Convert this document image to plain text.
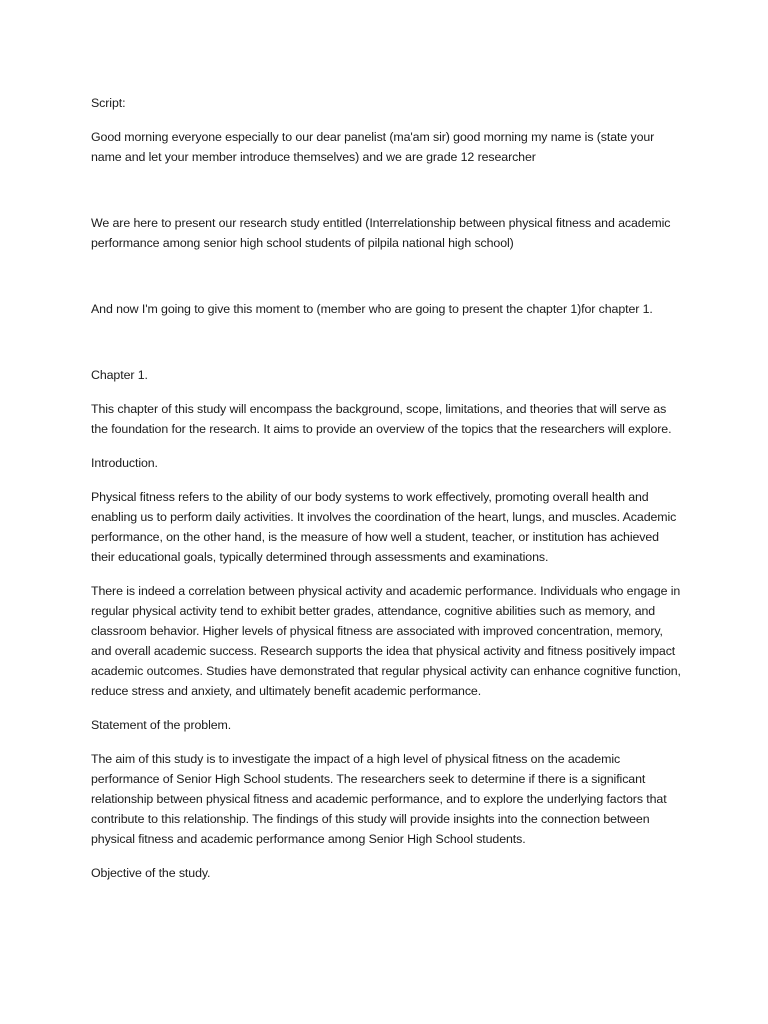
Script:

Good morning everyone especially to our dear panelist (ma'am sir) good morning my name is (state your name and let your member introduce themselves) and we are grade 12 researcher

We are here to present our research study entitled (Interrelationship between physical fitness and academic performance among senior high school students of pilpila national high school)

And now I'm going to give this moment to (member who are going to present the chapter 1)for chapter 1.

Chapter 1.

This chapter of this study will encompass the background, scope, limitations, and theories that will serve as the foundation for the research. It aims to provide an overview of the topics that the researchers will explore.

Introduction.

Physical fitness refers to the ability of our body systems to work effectively, promoting overall health and enabling us to perform daily activities. It involves the coordination of the heart, lungs, and muscles. Academic performance, on the other hand, is the measure of how well a student, teacher, or institution has achieved their educational goals, typically determined through assessments and examinations.

There is indeed a correlation between physical activity and academic performance. Individuals who engage in regular physical activity tend to exhibit better grades, attendance, cognitive abilities such as memory, and classroom behavior. Higher levels of physical fitness are associated with improved concentration, memory, and overall academic success. Research supports the idea that physical activity and fitness positively impact academic outcomes. Studies have demonstrated that regular physical activity can enhance cognitive function, reduce stress and anxiety, and ultimately benefit academic performance.

Statement of the problem.

The aim of this study is to investigate the impact of a high level of physical fitness on the academic performance of Senior High School students. The researchers seek to determine if there is a significant relationship between physical fitness and academic performance, and to explore the underlying factors that contribute to this relationship. The findings of this study will provide insights into the connection between physical fitness and academic performance among Senior High School students.

Objective of the study.
